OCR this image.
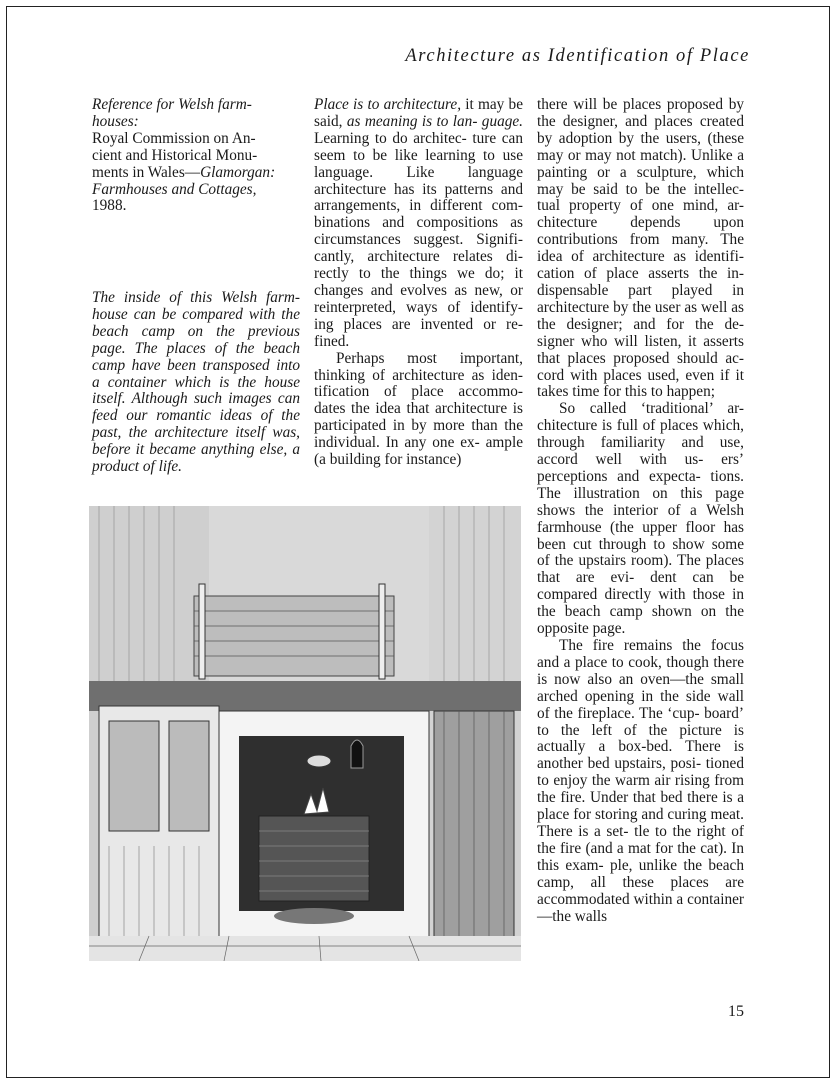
Architecture as Identification of Place
Reference for Welsh farm- houses:
Royal Commission on An-
cient and Historical Monu-
ments in Wales—Glamorgan: Farmhouses and Cottages,
1988.
The inside of this Welsh farm- house can be compared with the beach camp on the previous page. The places of the beach camp have been transposed into a container which is the house itself. Although such images can feed our romantic ideas of the past, the architecture itself was, before it became anything else, a product of life.

Place is to architecture, it may be said, as meaning is to lan- guage. Learning to do architec- ture can seem to be like learning to use language. Like language architecture has its patterns and arrangements, in different com- binations and compositions as circumstances suggest. Signifi- cantly, architecture relates di- rectly to the things we do; it changes and evolves as new, or reinterpreted, ways of identify- ing places are invented or re- fined.

Perhaps most important, thinking of architecture as iden- tification of place accommo- dates the idea that architecture is participated in by more than the individual. In any one ex- ample (a building for instance)

there will be places proposed by the designer, and places created by adoption by the users, (these may or may not match). Unlike a painting or a sculpture, which may be said to be the intellec- tual property of one mind, ar- chitecture depends upon contributions from many. The idea of architecture as identifi- cation of place asserts the in- dispensable part played in architecture by the user as well as the designer; and for the de- signer who will listen, it asserts that places proposed should ac- cord with places used, even if it takes time for this to happen;

So called ‘traditional’ ar- chitecture is full of places which, through familiarity and use, accord well with us- ers’ perceptions and expecta- tions. The illustration on this page shows the interior of a Welsh farmhouse (the upper floor has been cut through to show some of the upstairs room). The places that are evi- dent can be compared directly with those in the beach camp shown on the opposite page.

The fire remains the focus and a place to cook, though there is now also an oven—the small arched opening in the side wall of the fireplace. The ‘cup- board’ to the left of the picture is actually a box-bed. There is another bed upstairs, posi- tioned to enjoy the warm air rising from the fire. Under that bed there is a place for storing and curing meat. There is a set- tle to the right of the fire (and a mat for the cat). In this exam- ple, unlike the beach camp, all these places are accommodated within a container—the walls

15
